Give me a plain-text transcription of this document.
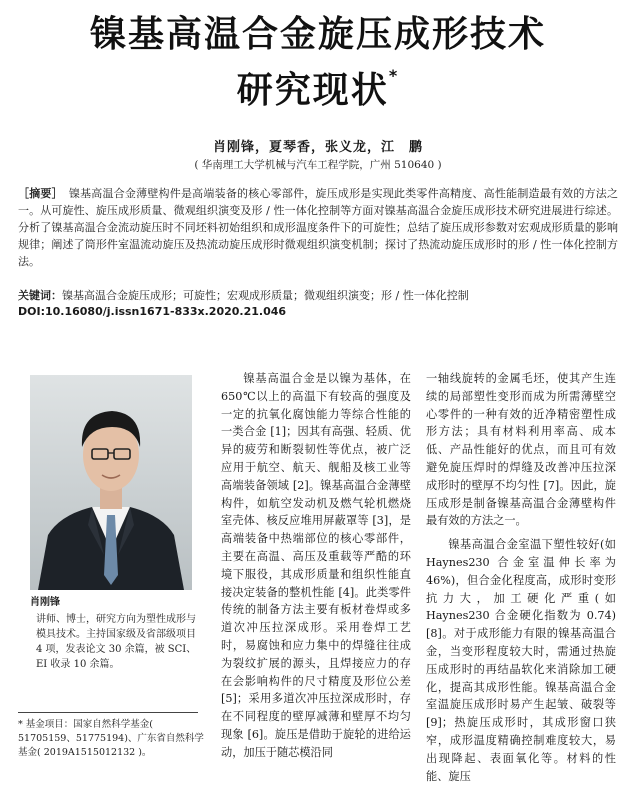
镍基高温合金旋压成形技术
研究现状*
肖刚锋，夏琴香，张义龙，江　鹏
( 华南理工大学机械与汽车工程学院，广州 510640 )
［摘要］ 镍基高温合金薄壁构件是高端装备的核心零部件，旋压成形是实现此类零件高精度、高性能制造最有效的方法之一。从可旋性、旋压成形质量、微观组织演变及形 / 性一体化控制等方面对镍基高温合金旋压成形技术研究进展进行综述。分析了镍基高温合金流动旋压时不同坯料初始组织和成形温度条件下的可旋性；总结了旋压成形参数对宏观成形质量的影响规律；阐述了筒形件室温流动旋压及热流动旋压成形时微观组织演变机制；探讨了热流动旋压成形时的形 / 性一体化控制方法。
关键词：镍基高温合金旋压成形；可旋性；宏观成形质量；微观组织演变；形 / 性一体化控制
DOI:10.16080/j.issn1671-833x.2020.21.046
肖刚锋
讲师、博士，研究方向为塑性成形与模具技术。主持国家级及省部级项目 4 项，发表论文 30 余篇，被 SCI、EI 收录 10 余篇。
* 基金项目：国家自然科学基金( 51705159、51775194)、广东省自然科学基金( 2019A1515012132 )。

镍基高温合金是以镍为基体，在 650℃以上的高温下有较高的强度及一定的抗氧化腐蚀能力等综合性能的一类合金 [1]；因其有高强、轻质、优异的疲劳和断裂韧性等优点，被广泛应用于航空、航天、舰船及核工业等高端装备领域 [2]。镍基高温合金薄壁构件，如航空发动机及燃气轮机燃烧室壳体、核反应堆用屏蔽罩等 [3]，是高端装备中热端部位的核心零部件，主要在高温、高压及重载等严酷的环境下服役，其成形质量和组织性能直接决定装备的整机性能 [4]。此类零件传统的制备方法主要有板材卷焊或多道次冲压拉深成形。采用卷焊工艺时，易腐蚀和应力集中的焊缝往往成为裂纹扩展的源头，且焊接应力的存在会影响构件的尺寸精度及形位公差 [5]；采用多道次冲压拉深成形时，存在不同程度的壁厚减薄和壁厚不均匀现象 [6]。旋压是借助于旋轮的进给运动，加压于随芯模沿同

一轴线旋转的金属毛坯，使其产生连续的局部塑性变形而成为所需薄壁空心零件的一种有效的近净精密塑性成形方法；具有材料利用率高、成本低、产品性能好的优点，而且可有效避免旋压焊时的焊缝及改善冲压拉深成形时的壁厚不均匀性 [7]。因此，旋压成形是制备镍基高温合金薄壁构件最有效的方法之一。

镍基高温合金室温下塑性较好(如 Haynes230 合金室温伸长率为 46%)，但合金化程度高，成形时变形抗力大，加工硬化严重(如 Haynes230 合金硬化指数为 0.74) [8]。对于成形能力有限的镍基高温合金，当变形程度较大时，需通过热旋压成形时的再结晶软化来消除加工硬化，提高其成形性能。镍基高温合金室温旋压成形时易产生起皱、破裂等 [9]；热旋压成形时，其成形窗口狭窄，成形温度精确控制难度较大，易出现降起、表面氧化等。材料的性能、旋压
